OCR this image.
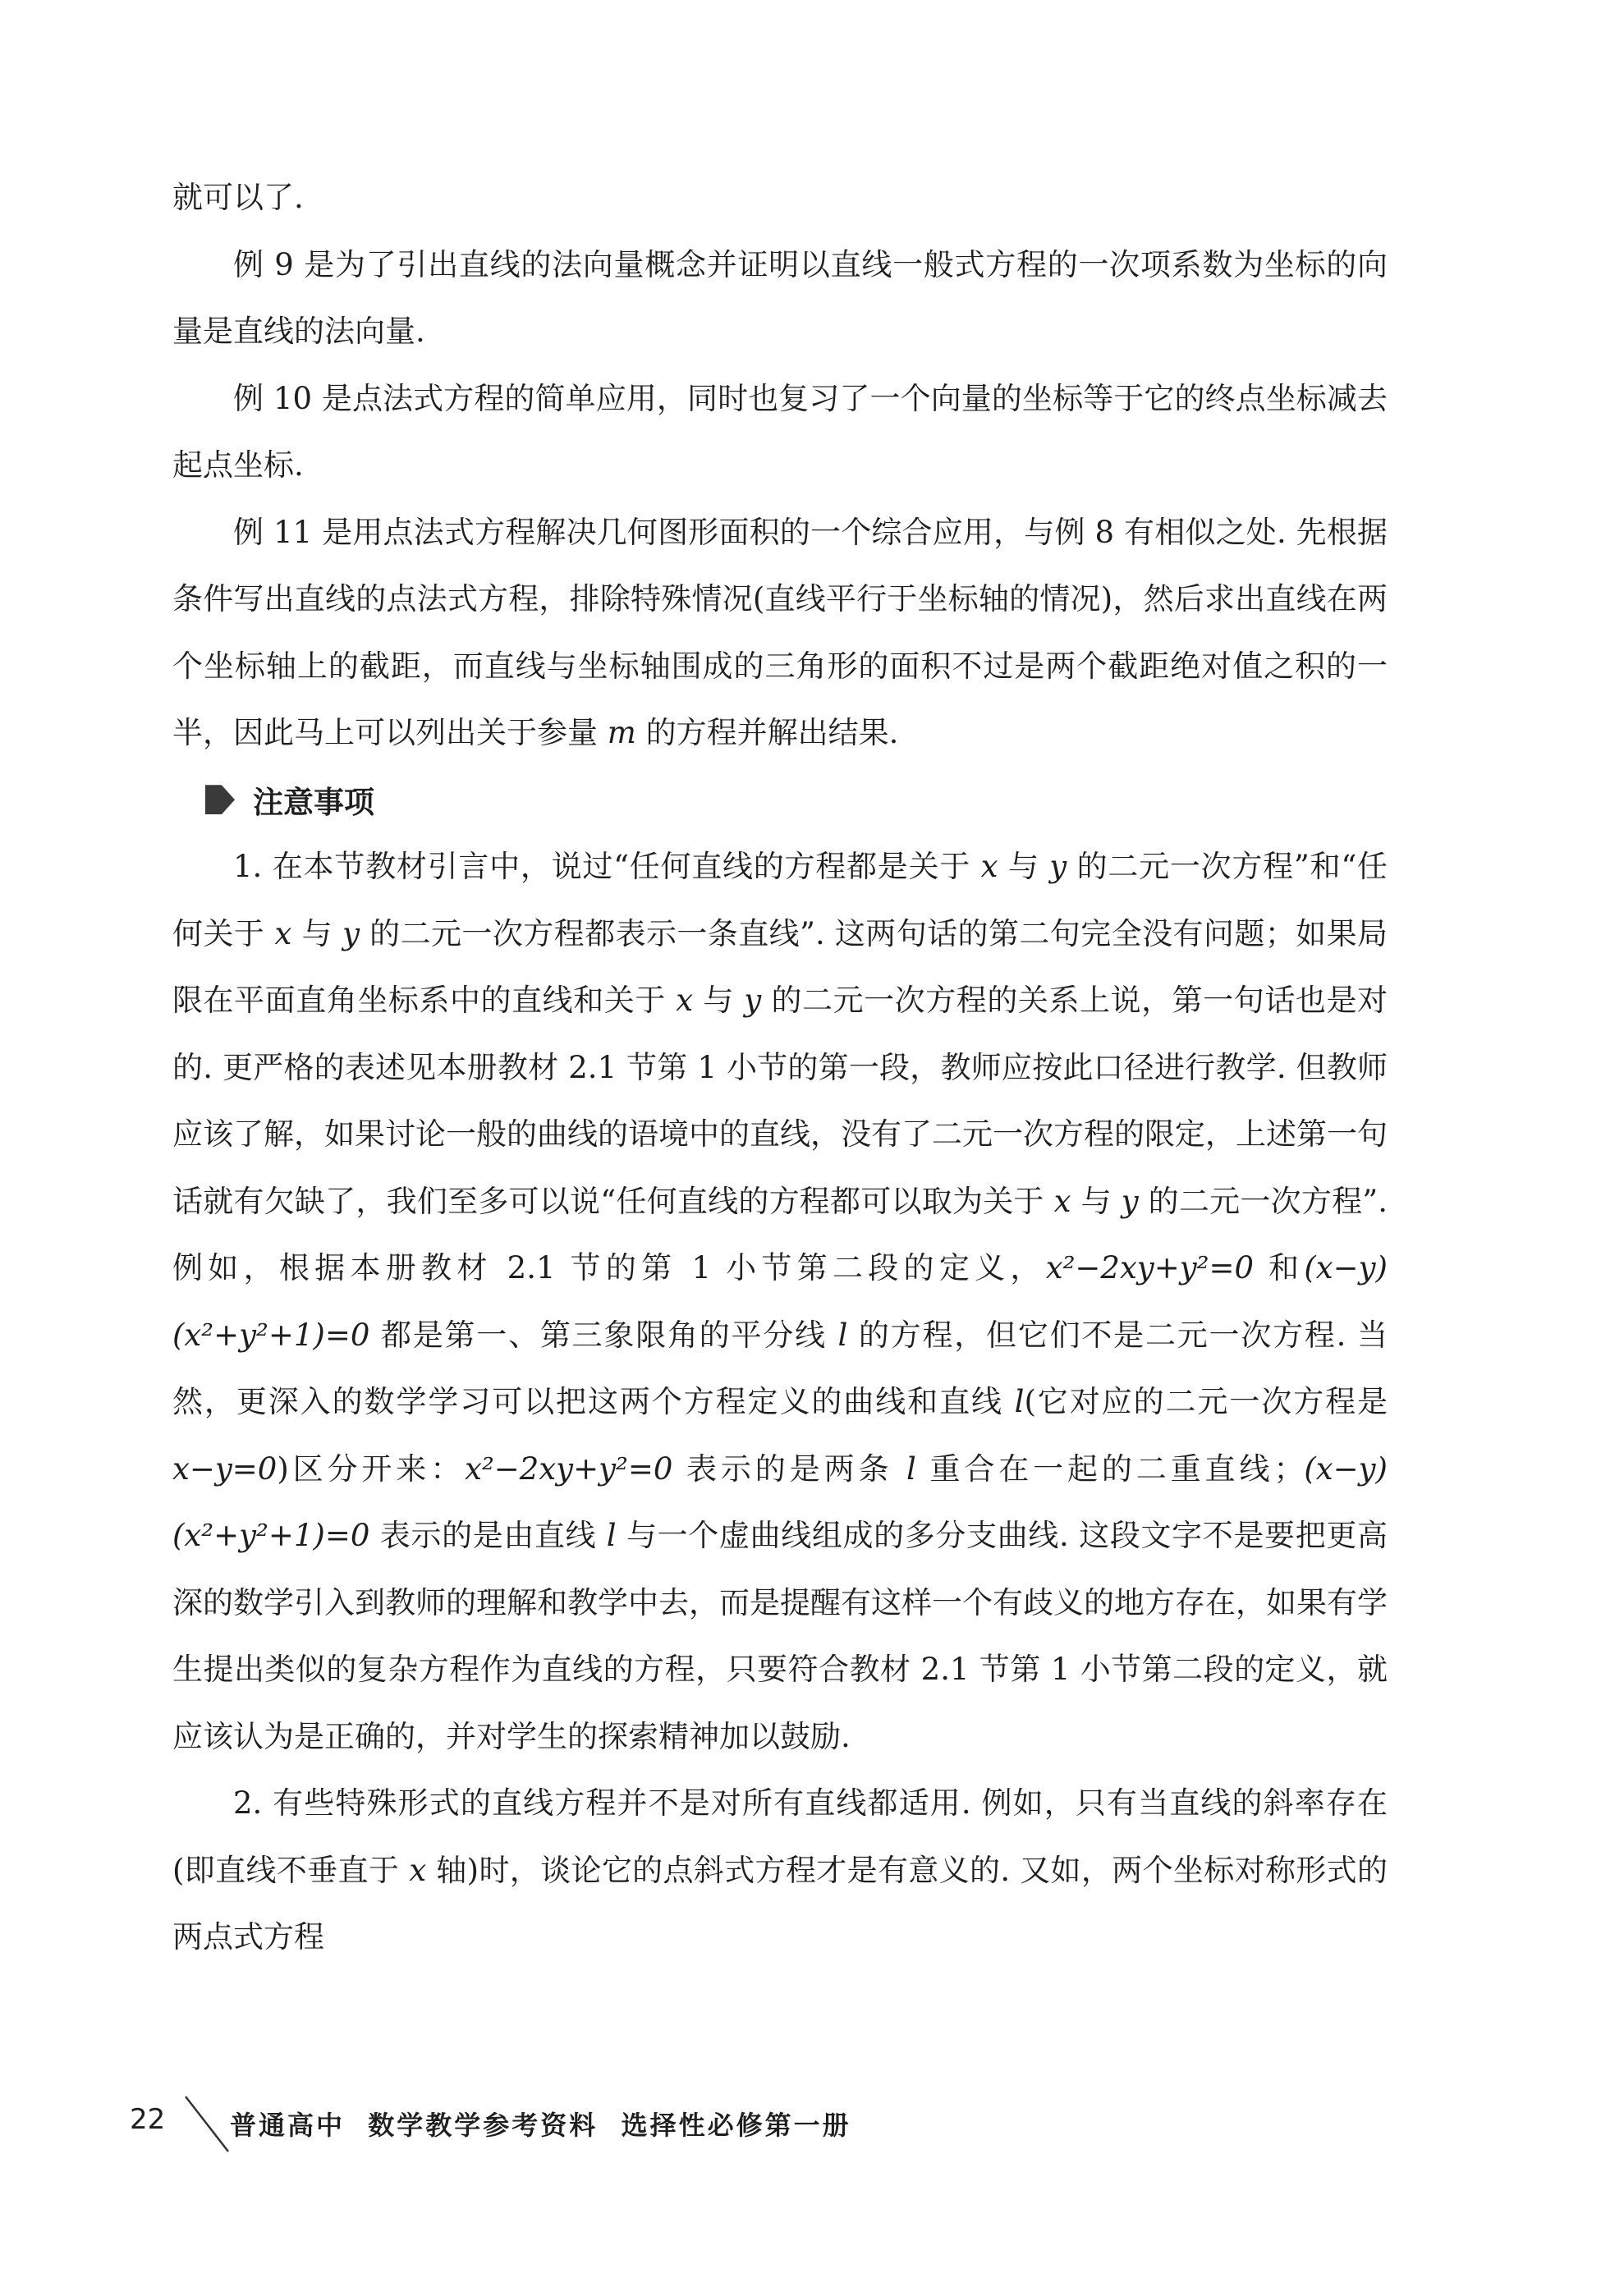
就可以了.

例 9 是为了引出直线的法向量概念并证明以直线一般式方程的一次项系数为坐标的向量是直线的法向量.

例 10 是点法式方程的简单应用，同时也复习了一个向量的坐标等于它的终点坐标减去起点坐标.

例 11 是用点法式方程解决几何图形面积的一个综合应用，与例 8 有相似之处. 先根据条件写出直线的点法式方程，排除特殊情况(直线平行于坐标轴的情况)，然后求出直线在两个坐标轴上的截距，而直线与坐标轴围成的三角形的面积不过是两个截距绝对值之积的一半，因此马上可以列出关于参量 m 的方程并解出结果.

注意事项

1. 在本节教材引言中，说过“任何直线的方程都是关于 x 与 y 的二元一次方程”和“任何关于 x 与 y 的二元一次方程都表示一条直线”. 这两句话的第二句完全没有问题；如果局限在平面直角坐标系中的直线和关于 x 与 y 的二元一次方程的关系上说，第一句话也是对的. 更严格的表述见本册教材 2.1 节第 1 小节的第一段，教师应按此口径进行教学. 但教师应该了解，如果讨论一般的曲线的语境中的直线，没有了二元一次方程的限定，上述第一句话就有欠缺了，我们至多可以说“任何直线的方程都可以取为关于 x 与 y 的二元一次方程”. 例如，根据本册教材 2.1 节的第 1 小节第二段的定义，x²−2xy+y²=0 和(x−y)(x²+y²+1)=0 都是第一、第三象限角的平分线 l 的方程，但它们不是二元一次方程. 当然，更深入的数学学习可以把这两个方程定义的曲线和直线 l(它对应的二元一次方程是 x−y=0)区分开来：x²−2xy+y²=0 表示的是两条 l 重合在一起的二重直线；(x−y)(x²+y²+1)=0 表示的是由直线 l 与一个虚曲线组成的多分支曲线. 这段文字不是要把更高深的数学引入到教师的理解和教学中去，而是提醒有这样一个有歧义的地方存在，如果有学生提出类似的复杂方程作为直线的方程，只要符合教材 2.1 节第 1 小节第二段的定义，就应该认为是正确的，并对学生的探索精神加以鼓励.

2. 有些特殊形式的直线方程并不是对所有直线都适用. 例如，只有当直线的斜率存在(即直线不垂直于 x 轴)时，谈论它的点斜式方程才是有意义的. 又如，两个坐标对称形式的两点式方程

22 普通高中  数学教学参考资料  选择性必修第一册
